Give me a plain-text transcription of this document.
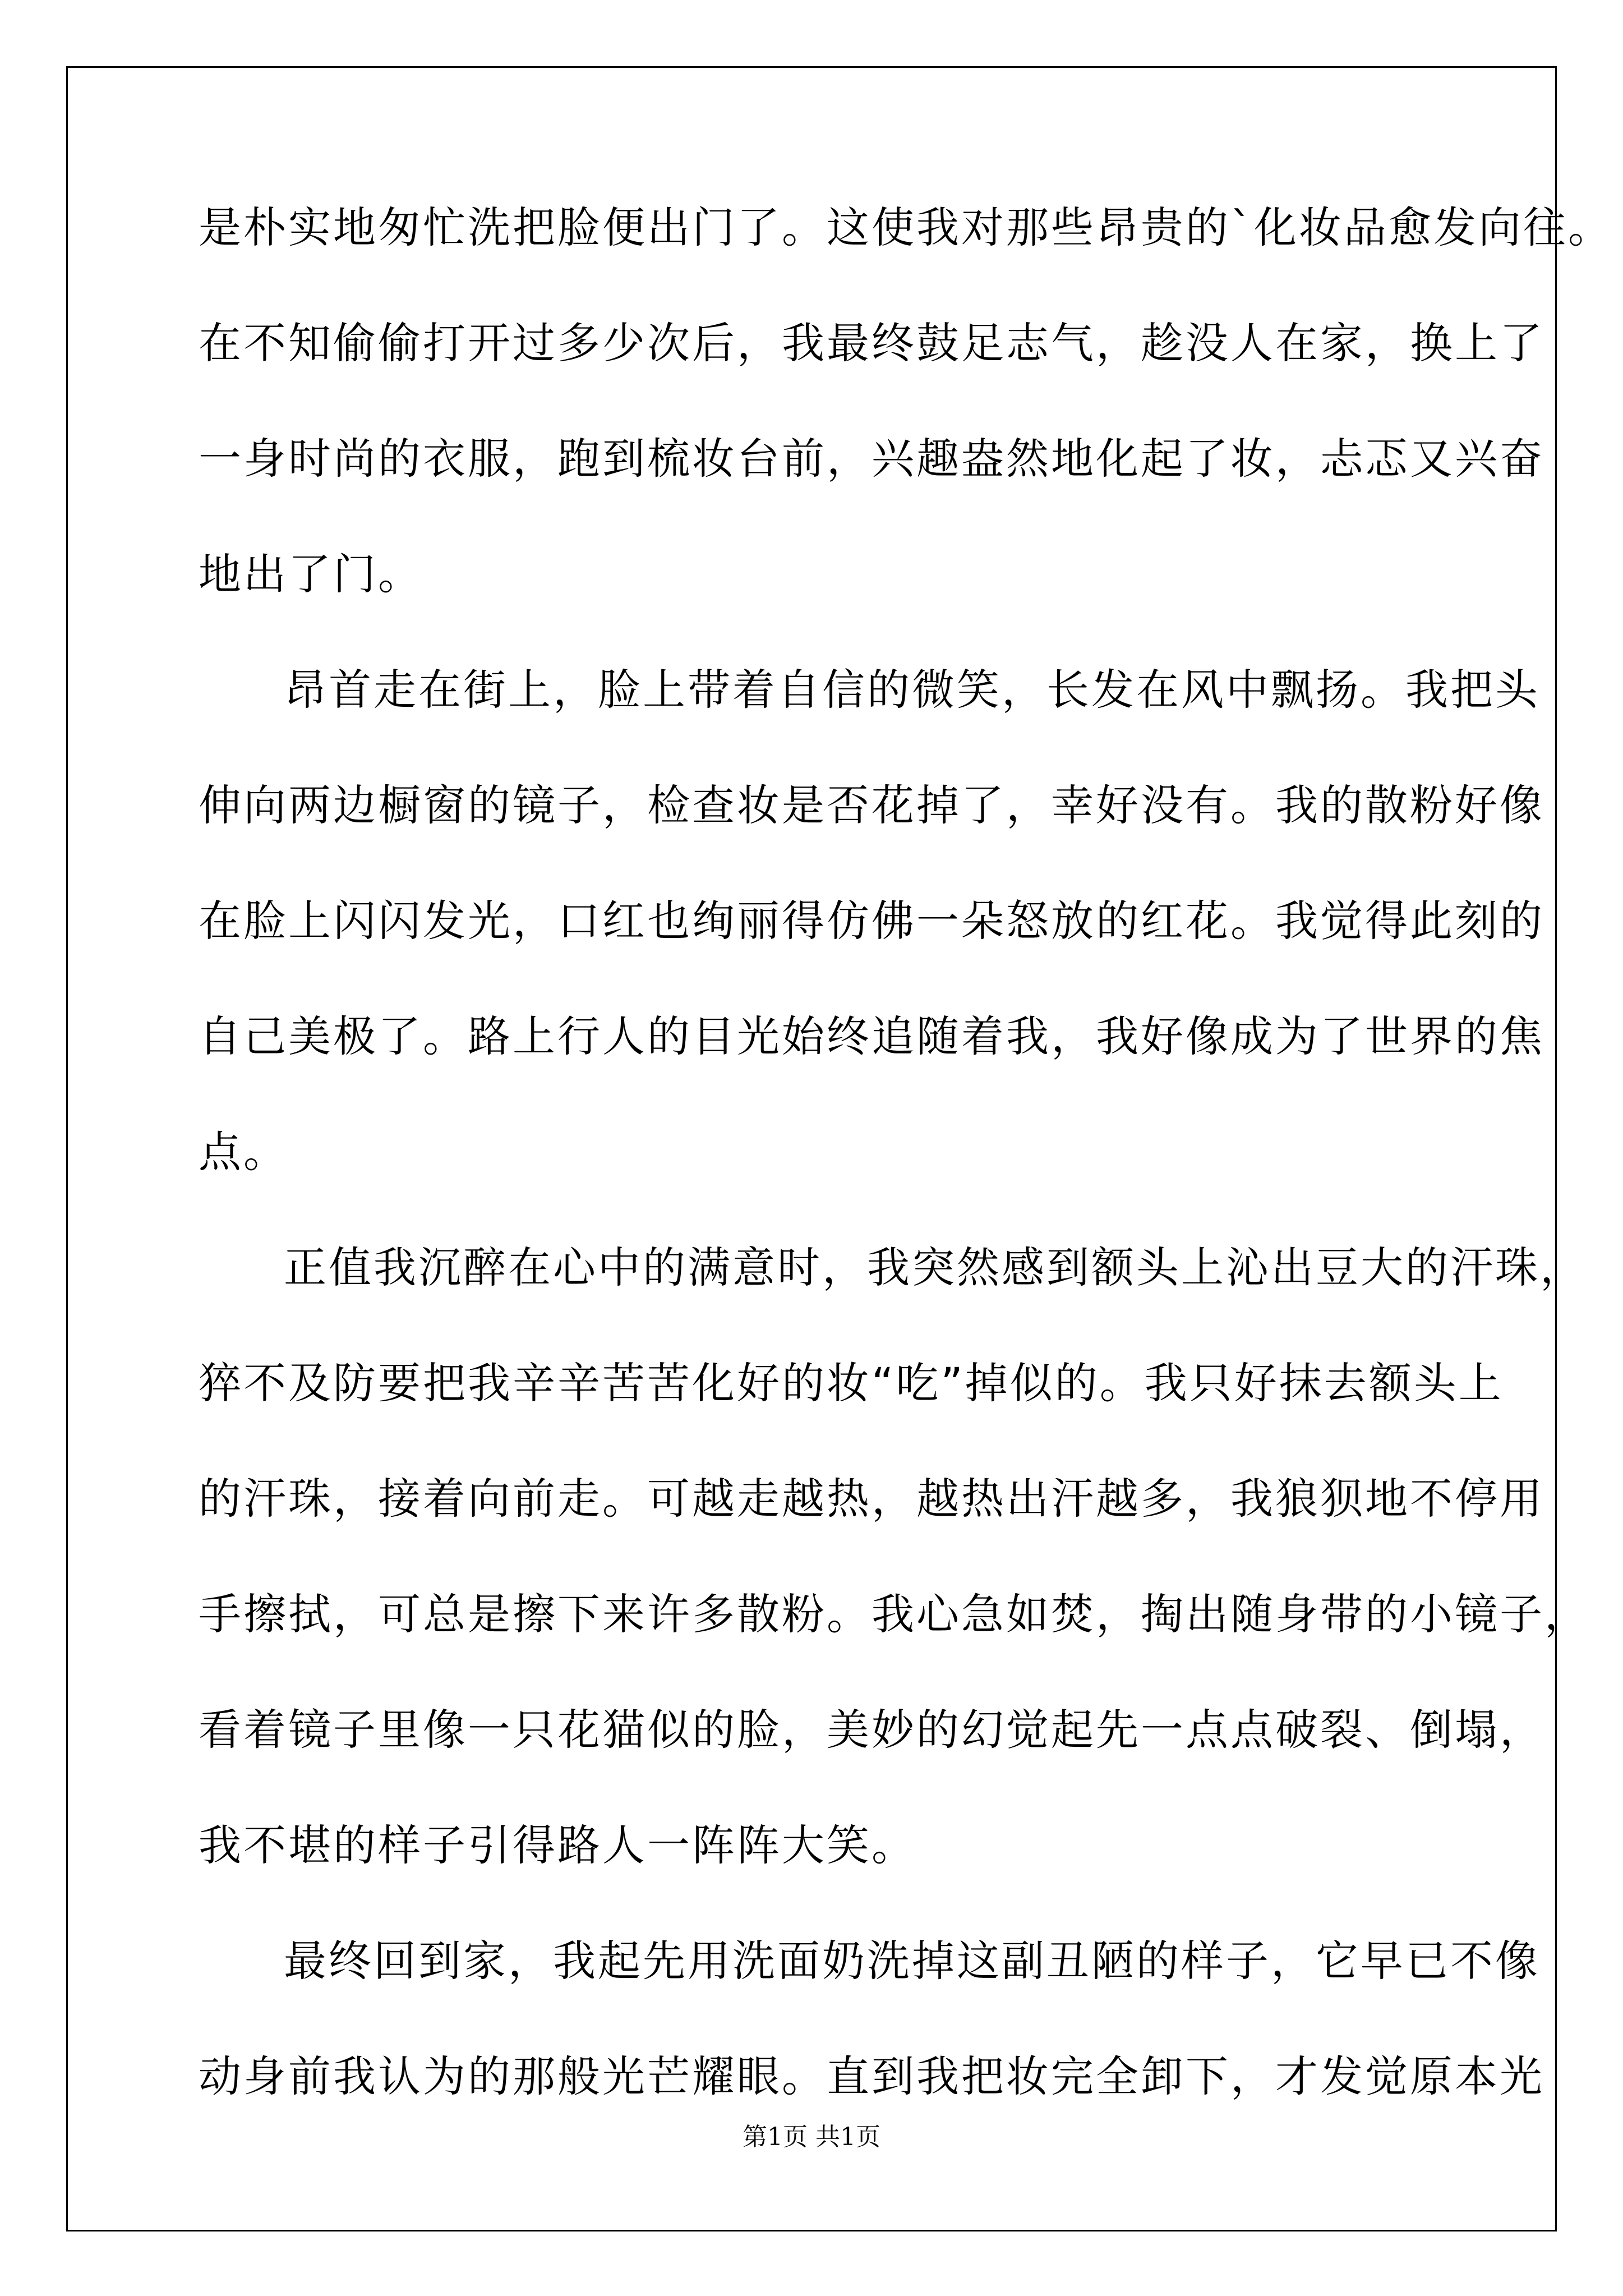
是朴实地匆忙洗把脸便出门了。这使我对那些昂贵的`化妆品愈发向往。
在不知偷偷打开过多少次后，我最终鼓足志气，趁没人在家，换上了
一身时尚的衣服，跑到梳妆台前，兴趣盎然地化起了妆，忐忑又兴奋
地出了门。
昂首走在街上，脸上带着自信的微笑，长发在风中飘扬。我把头
伸向两边橱窗的镜子，检查妆是否花掉了，幸好没有。我的散粉好像
在脸上闪闪发光，口红也绚丽得仿佛一朵怒放的红花。我觉得此刻的
自己美极了。路上行人的目光始终追随着我，我好像成为了世界的焦
点。
正值我沉醉在心中的满意时，我突然感到额头上沁出豆大的汗珠，
猝不及防要把我辛辛苦苦化好的妆“吃”掉似的。我只好抹去额头上
的汗珠，接着向前走。可越走越热，越热出汗越多，我狼狈地不停用
手擦拭，可总是擦下来许多散粉。我心急如焚，掏出随身带的小镜子，
看着镜子里像一只花猫似的脸，美妙的幻觉起先一点点破裂、倒塌，
我不堪的样子引得路人一阵阵大笑。
最终回到家，我起先用洗面奶洗掉这副丑陋的样子，它早已不像
动身前我认为的那般光芒耀眼。直到我把妆完全卸下，才发觉原本光
第1页 共1页
